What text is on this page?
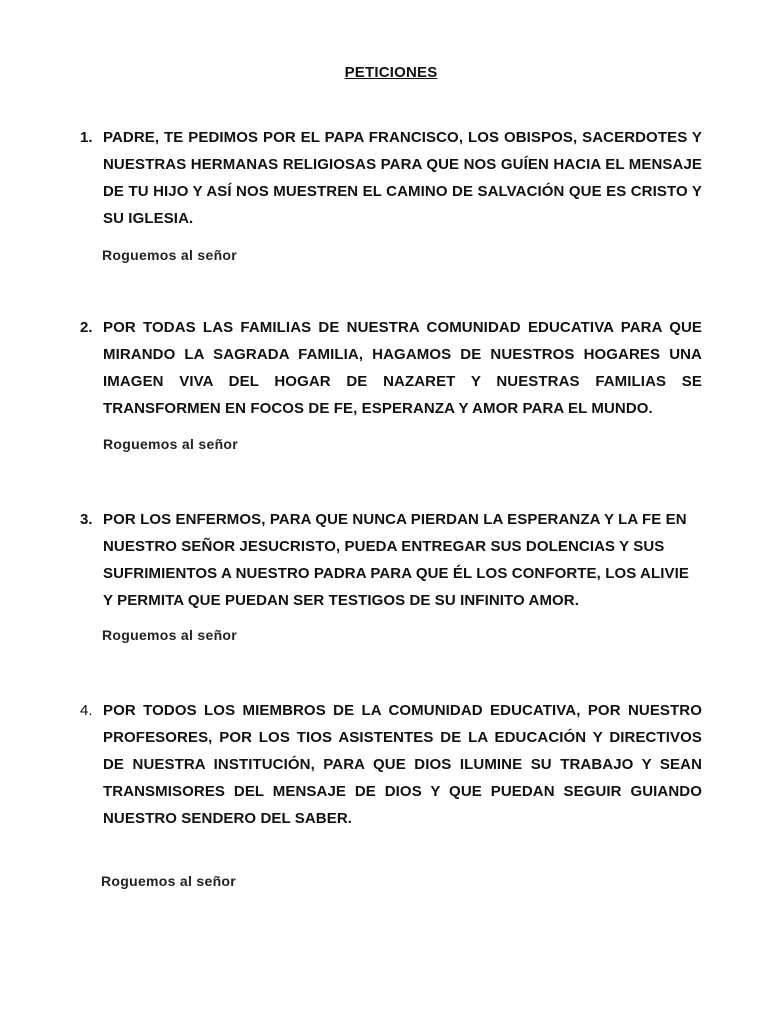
PETICIONES
1. PADRE, TE PEDIMOS POR EL PAPA FRANCISCO, LOS OBISPOS, SACERDOTES Y NUESTRAS HERMANAS RELIGIOSAS PARA QUE NOS GUÍEN HACIA EL MENSAJE DE TU HIJO Y ASÍ NOS MUESTREN EL CAMINO DE SALVACIÓN QUE ES CRISTO Y SU IGLESIA.
Roguemos al señor
2. POR TODAS LAS FAMILIAS DE NUESTRA COMUNIDAD EDUCATIVA PARA QUE MIRANDO LA SAGRADA FAMILIA, HAGAMOS DE NUESTROS HOGARES UNA IMAGEN VIVA DEL HOGAR DE NAZARET Y NUESTRAS FAMILIAS SE TRANSFORMEN EN FOCOS DE FE, ESPERANZA Y AMOR PARA EL MUNDO.
Roguemos al señor
3. POR LOS ENFERMOS, PARA QUE NUNCA PIERDAN LA ESPERANZA Y LA FE EN NUESTRO SEÑOR JESUCRISTO, PUEDA ENTREGAR SUS DOLENCIAS Y SUS SUFRIMIENTOS A NUESTRO PADRA PARA QUE ÉL LOS CONFORTE, LOS ALIVIE Y PERMITA QUE PUEDAN SER TESTIGOS DE SU INFINITO AMOR.
Roguemos al señor
4. POR TODOS LOS MIEMBROS DE LA COMUNIDAD EDUCATIVA, POR NUESTRO PROFESORES, POR LOS TIOS ASISTENTES DE LA EDUCACIÓN Y DIRECTIVOS DE NUESTRA INSTITUCIÓN, PARA QUE DIOS ILUMINE SU TRABAJO Y SEAN TRANSMISORES DEL MENSAJE DE DIOS Y QUE PUEDAN SEGUIR GUIANDO NUESTRO SENDERO DEL SABER.
Roguemos al señor
